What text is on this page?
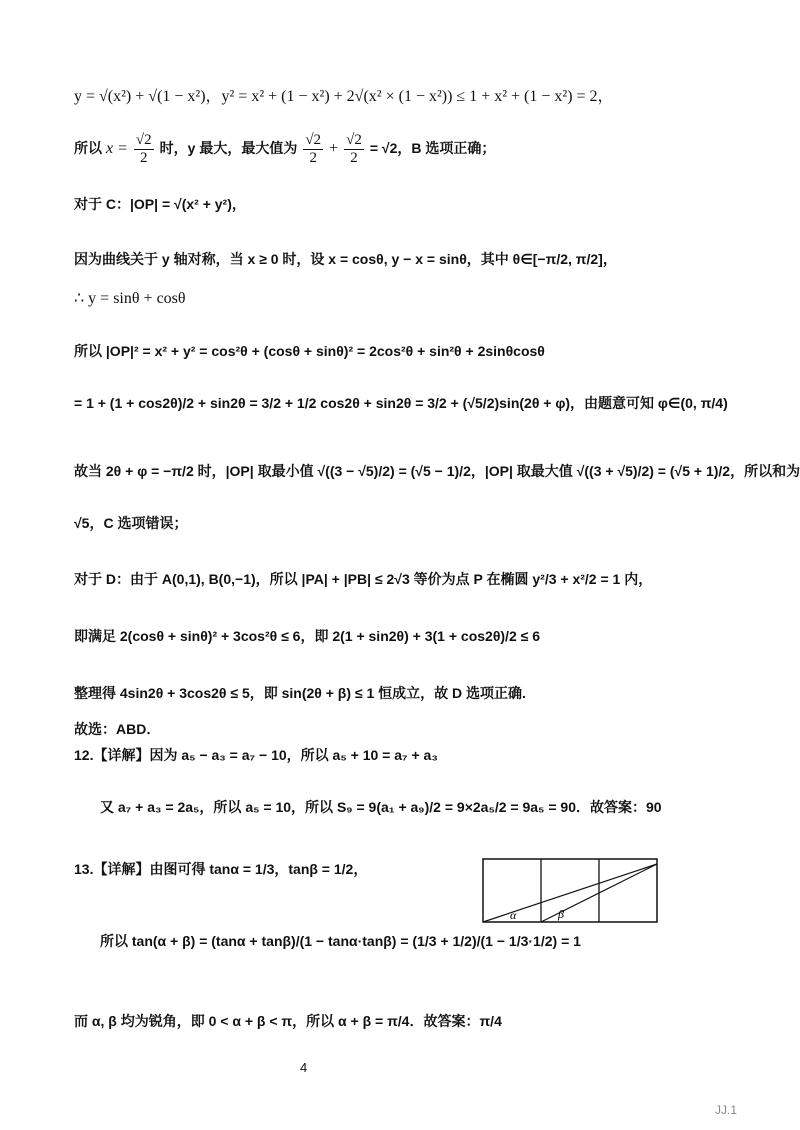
y = √(x²) + √(1 − x²)，y² = x² + (1 − x²) + 2√(x² × (1 − x²)) ≤ 1 + x² + (1 − x²) = 2，
所以 $x = \frac{√2}{2}$ 时，y 最大，最大值为 $\frac{√2}{2} + \frac{√2}{2} = √2$，B 选项正确；
对于 C：|OP| = √(x² + y²)，
因为曲线关于 y 轴对称，当 x ≥ 0 时，设 x = cosθ, y − x = sinθ，其中 θ∈[−π/2, π/2]，
∴ y = sinθ + cosθ
所以 |OP|² = x² + y² = cos²θ + (cosθ + sinθ)² = 2cos²θ + sin²θ + 2sinθcosθ
= 1 + (1 + cos2θ)/2 + sin2θ = 3/2 + 1/2 cos2θ + sin2θ = 3/2 + (√5/2)sin(2θ + φ)，由题意可知 φ∈(0, π/4)
故当 2θ + φ = −π/2 时，|OP| 取最小值 √((3 − √5)/2) = (√5 − 1)/2，|OP| 取最大值 √((3 + √5)/2) = (√5 + 1)/2，所以和为
√5，C 选项错误；
对于 D：由于 A(0,1), B(0,−1)，所以 |PA| + |PB| ≤ 2√3 等价为点 P 在椭圆 y²/3 + x²/2 = 1 内，
即满足 2(cosθ + sinθ)² + 3cos²θ ≤ 6，即 2(1 + sin2θ) + 3(1 + cos2θ)/2 ≤ 6
整理得 4sin2θ + 3cos2θ ≤ 5，即 sin(2θ + β) ≤ 1 恒成立，故 D 选项正确.
故选：ABD．
12.【详解】因为 a₅ − a₃ = a₇ − 10，所以 a₅ + 10 = a₇ + a₃
又 a₇ + a₃ = 2a₅，所以 a₅ = 10，所以 S₉ = 9(a₁ + a₉)/2 = 9×2a₅/2 = 9a₅ = 90．故答案：90
13.【详解】由图可得 tanα = 1/3，tanβ = 1/2，
所以 tan(α + β) = (tanα + tanβ)/(1 − tanα·tanβ) = (1/3 + 1/2)/(1 − 1/3·1/2) = 1
而 α, β 均为锐角，即 0 < α + β < π，所以 α + β = π/4．故答案：π/4
α	β
4
JJ.1
